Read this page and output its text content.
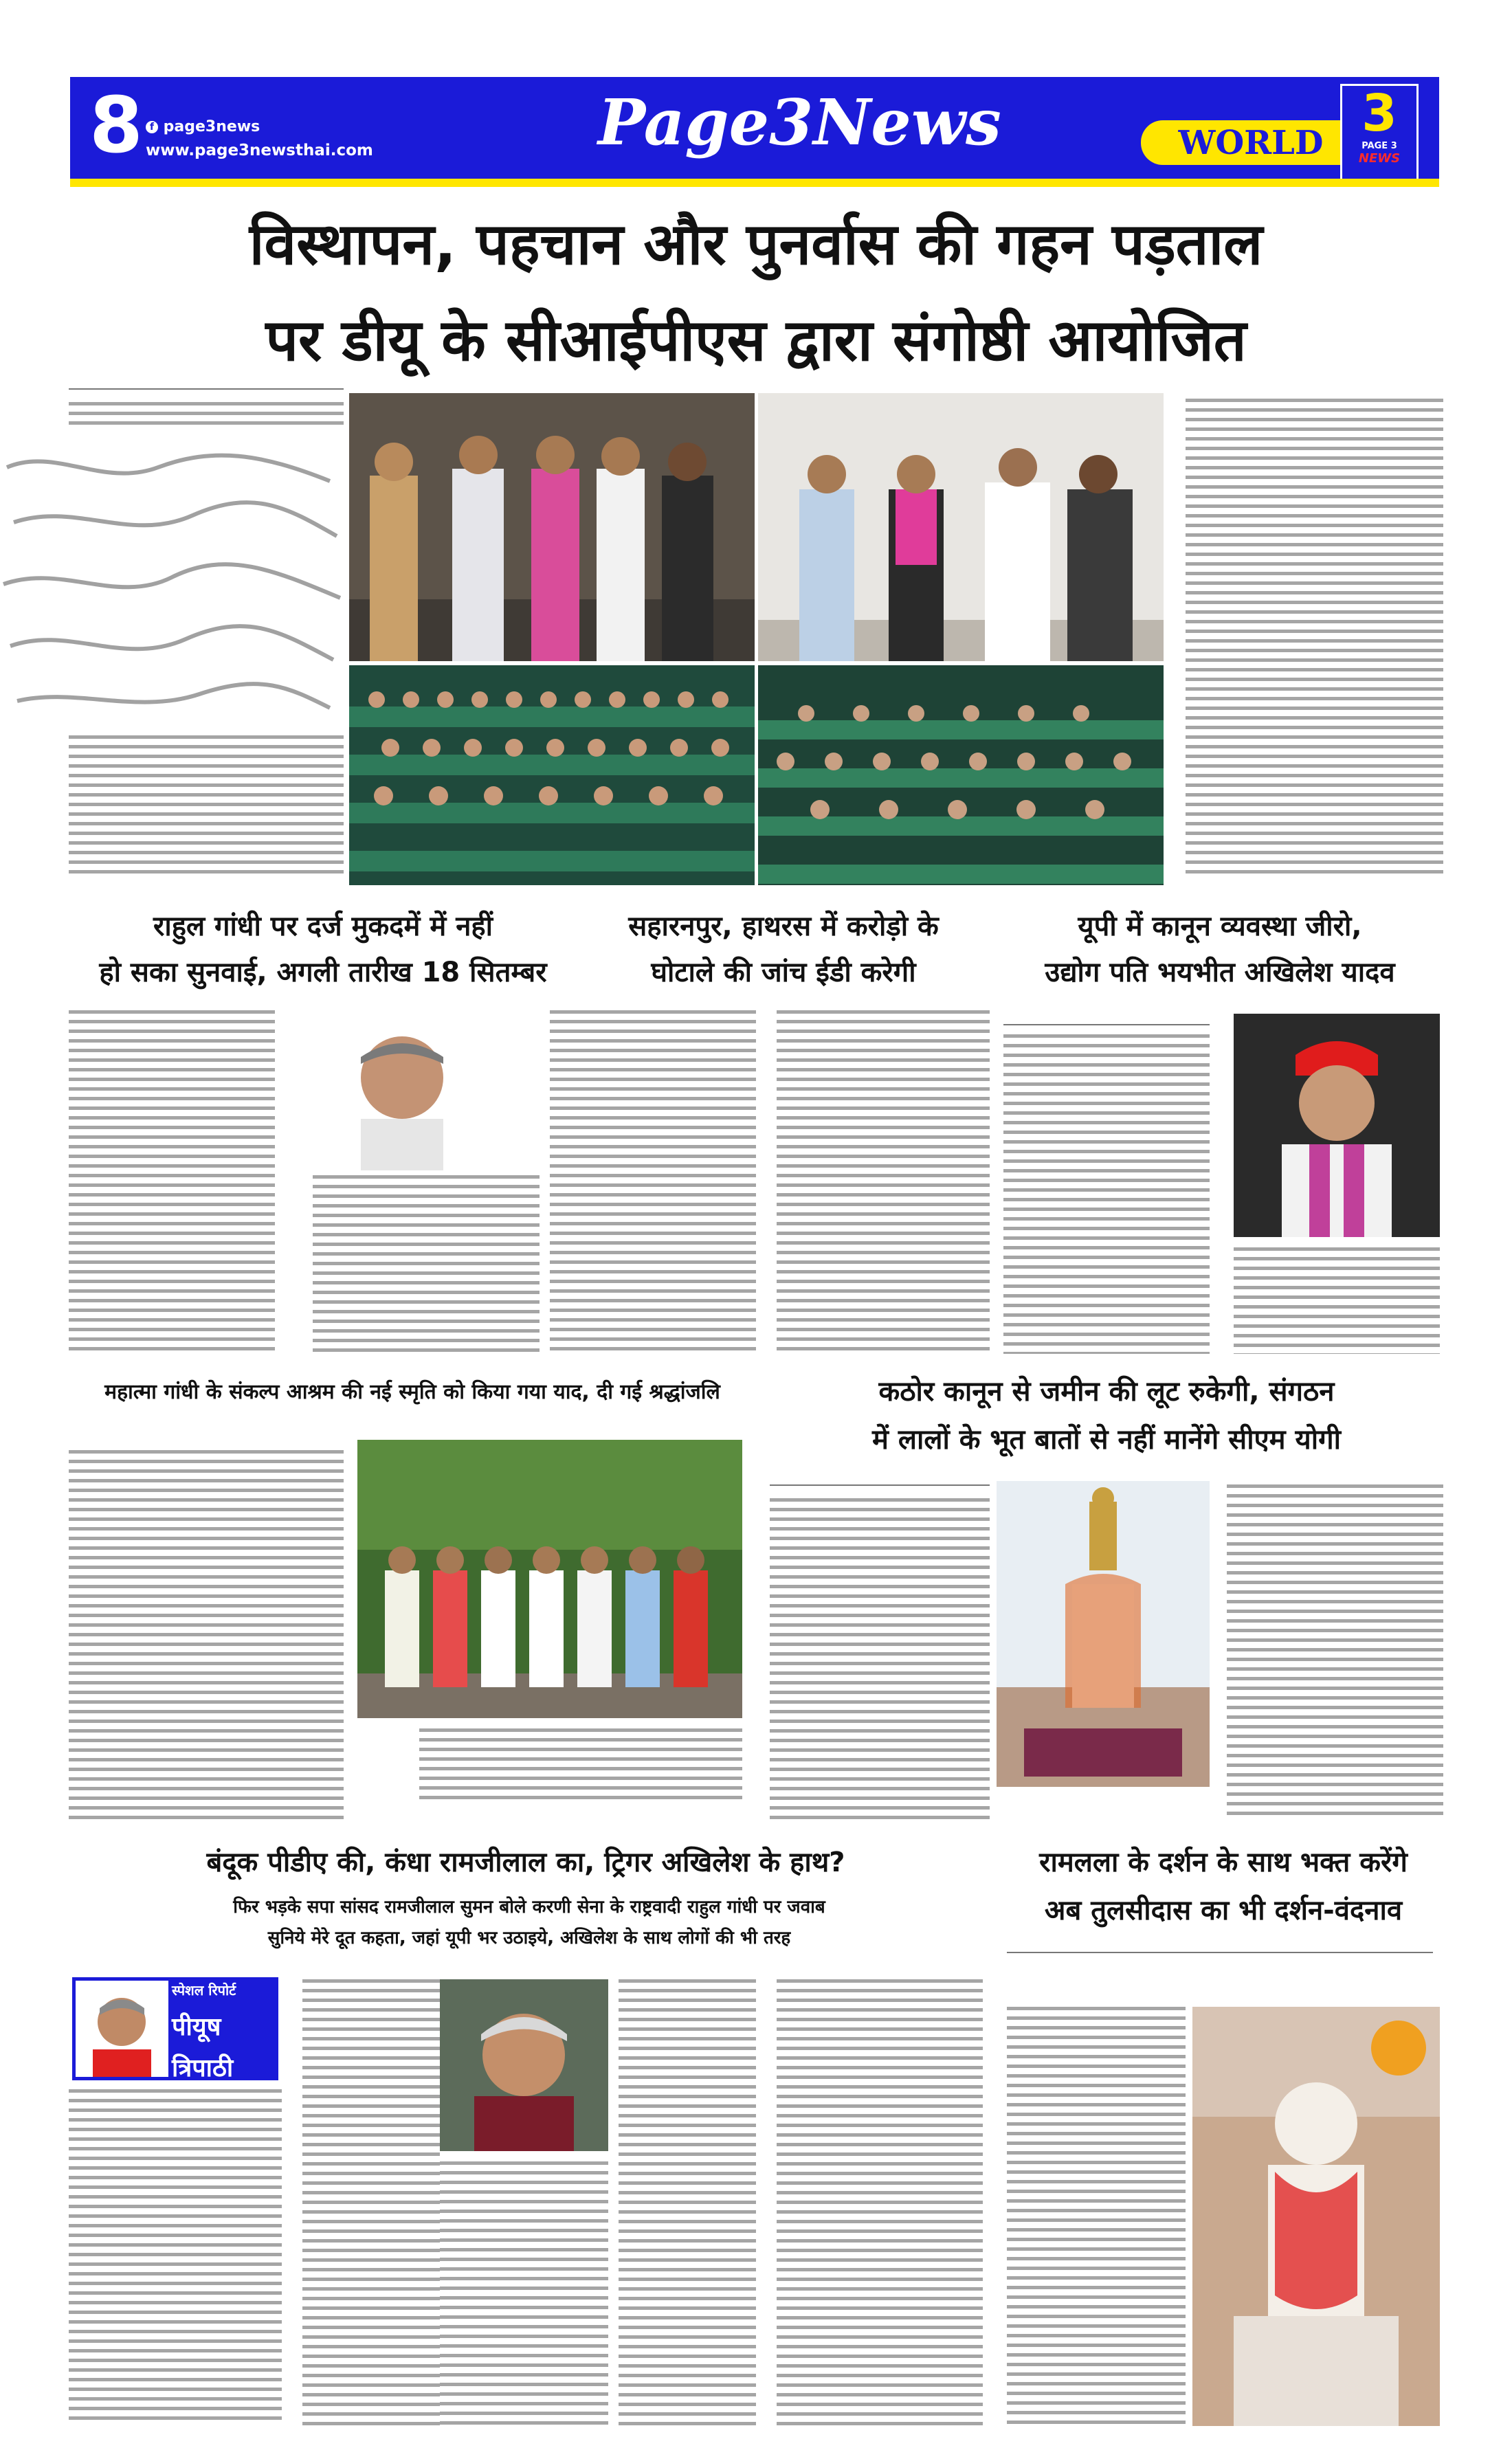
8 f page3news
www.page3newsthai.com	Page3News	WORLD 3
PAGE 3
NEWS
विस्थापन, पहचान और पुनर्वास की गहन पड़ताल
पर डीयू के सीआईपीएस द्वारा संगोष्ठी आयोजित
राहुल गांधी पर दर्ज मुकदमें में नहीं
हो सका सुनवाई, अगली तारीख 18 सितम्बर
सहारनपुर, हाथरस में करोड़ो के
घोटाले की जांच ईडी करेगी
यूपी में कानून व्यवस्था जीरो,
उद्योग पति भयभीत अखिलेश यादव
महात्मा गांधी के संकल्प आश्रम की नई स्मृति को किया गया याद, दी गई श्रद्धांजलि	कठोर कानून से जमीन की लूट रुकेगी, संगठन
में लालों के भूत बातों से नहीं मानेंगे सीएम योगी
बंदूक पीडीए की, कंधा रामजीलाल का, ट्रिगर अखिलेश के हाथ?
फिर भड़के सपा सांसद रामजीलाल सुमन बोले करणी सेना के राष्ट्रवादी राहुल गांधी पर जवाब
सुनिये मेरे दूत कहता, जहां यूपी भर उठाइये, अखिलेश के साथ लोगों की भी तरह
स्पेशल रिपोर्ट
पीयूष त्रिपाठी
रामलला के दर्शन के साथ भक्त करेंगे
अब तुलसीदास का भी दर्शन-वंदनाव
